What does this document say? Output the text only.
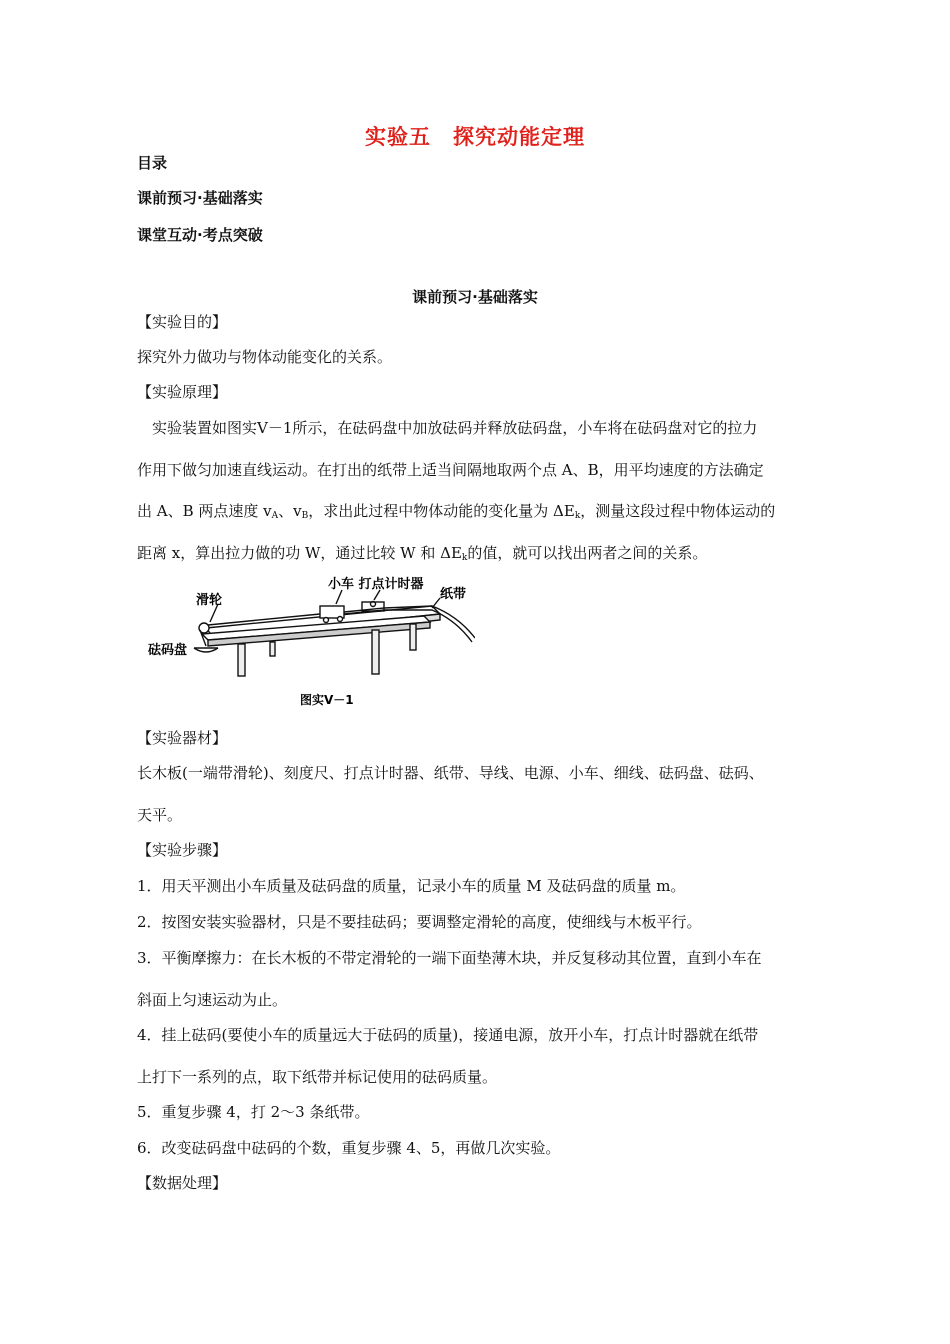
实验五　探究动能定理
目录
课前预习·基础落实
课堂互动·考点突破
课前预习·基础落实
【实验目的】
探究外力做功与物体动能变化的关系。
【实验原理】
　实验装置如图实Ⅴ－1所示，在砝码盘中加放砝码并释放砝码盘，小车将在砝码盘对它的拉力
作用下做匀加速直线运动。在打出的纸带上适当间隔地取两个点 A、B，用平均速度的方法确定
出 A、B 两点速度 $v_A$、$v_B$，求出此过程中物体动能的变化量为 $\Delta E_k$，测量这段过程中物体运动的
距离 x，算出拉力做的功 W，通过比较 W 和 $\Delta E_k$的值，就可以找出两者之间的关系。
小车 打点计时器
滑轮	纸带
砝码盘
图实Ⅴ－1
【实验器材】
长木板(一端带滑轮)、刻度尺、打点计时器、纸带、导线、电源、小车、细线、砝码盘、砝码、
天平。
【实验步骤】
1．用天平测出小车质量及砝码盘的质量，记录小车的质量 M 及砝码盘的质量 m。
2．按图安装实验器材，只是不要挂砝码；要调整定滑轮的高度，使细线与木板平行。
3．平衡摩擦力：在长木板的不带定滑轮的一端下面垫薄木块，并反复移动其位置，直到小车在
斜面上匀速运动为止。
4．挂上砝码(要使小车的质量远大于砝码的质量)，接通电源，放开小车，打点计时器就在纸带
上打下一系列的点，取下纸带并标记使用的砝码质量。
5．重复步骤 4，打 2～3 条纸带。
6．改变砝码盘中砝码的个数，重复步骤 4、5，再做几次实验。
【数据处理】
